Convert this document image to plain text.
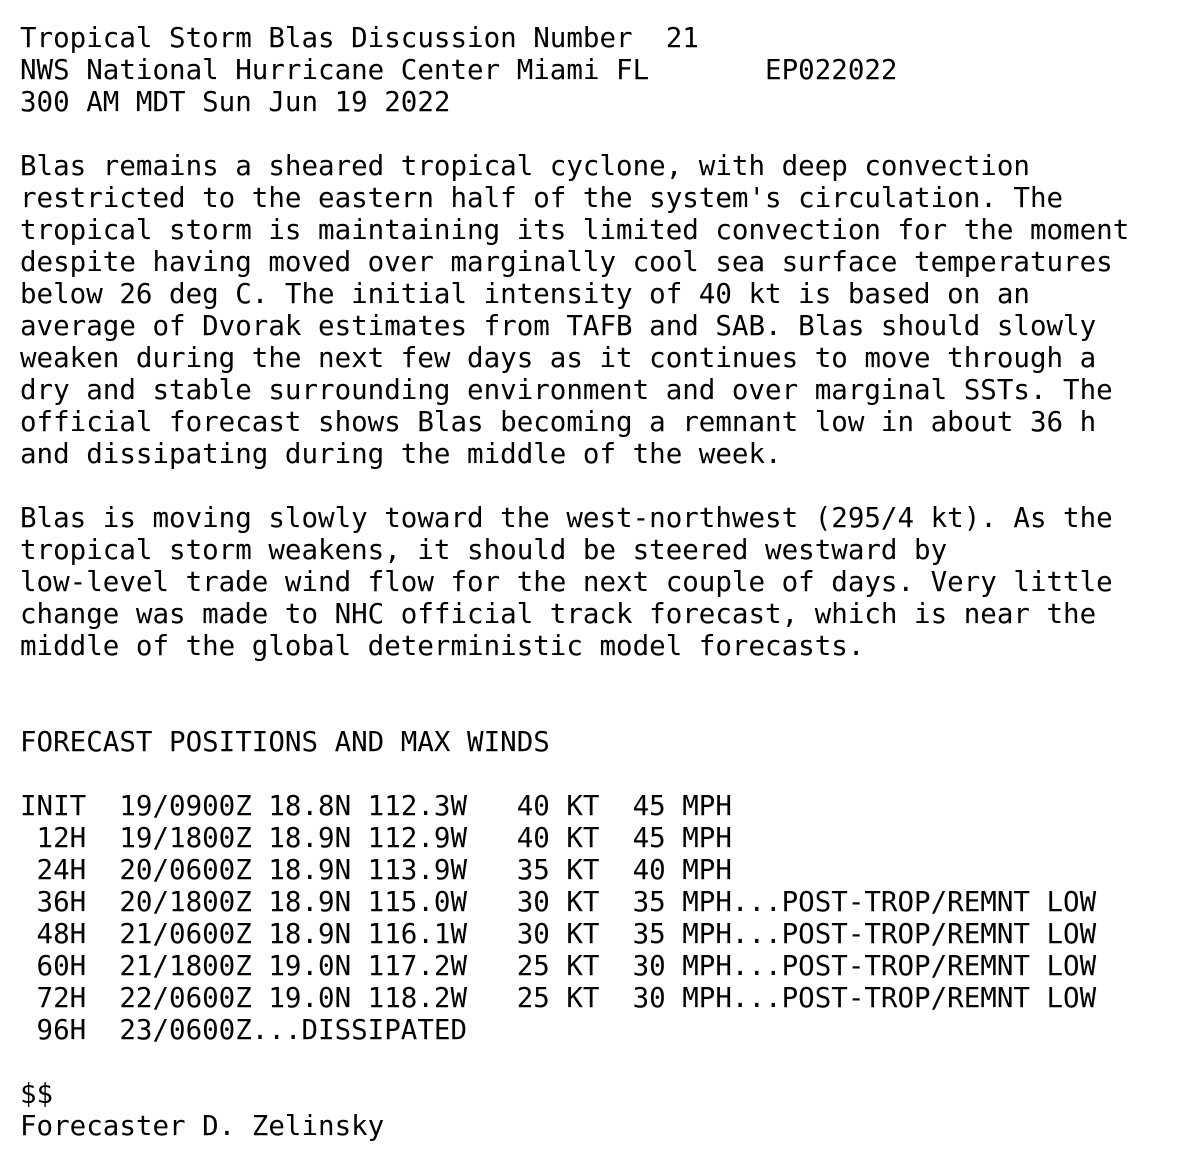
Tropical Storm Blas Discussion Number  21
NWS National Hurricane Center Miami FL       EP022022
300 AM MDT Sun Jun 19 2022
Blas remains a sheared tropical cyclone, with deep convection
restricted to the eastern half of the system's circulation. The
tropical storm is maintaining its limited convection for the moment
despite having moved over marginally cool sea surface temperatures
below 26 deg C. The initial intensity of 40 kt is based on an
average of Dvorak estimates from TAFB and SAB. Blas should slowly
weaken during the next few days as it continues to move through a
dry and stable surrounding environment and over marginal SSTs. The
official forecast shows Blas becoming a remnant low in about 36 h
and dissipating during the middle of the week.
Blas is moving slowly toward the west-northwest (295/4 kt). As the
tropical storm weakens, it should be steered westward by
low-level trade wind flow for the next couple of days. Very little
change was made to NHC official track forecast, which is near the
middle of the global deterministic model forecasts.
FORECAST POSITIONS AND MAX WINDS
INIT  19/0900Z 18.8N 112.3W   40 KT  45 MPH
12H  19/1800Z 18.9N 112.9W   40 KT  45 MPH
24H  20/0600Z 18.9N 113.9W   35 KT  40 MPH
36H  20/1800Z 18.9N 115.0W   30 KT  35 MPH...POST-TROP/REMNT LOW
48H  21/0600Z 18.9N 116.1W   30 KT  35 MPH...POST-TROP/REMNT LOW
60H  21/1800Z 19.0N 117.2W   25 KT  30 MPH...POST-TROP/REMNT LOW
72H  22/0600Z 19.0N 118.2W   25 KT  30 MPH...POST-TROP/REMNT LOW
96H  23/0600Z...DISSIPATED
$$
Forecaster D. Zelinsky
